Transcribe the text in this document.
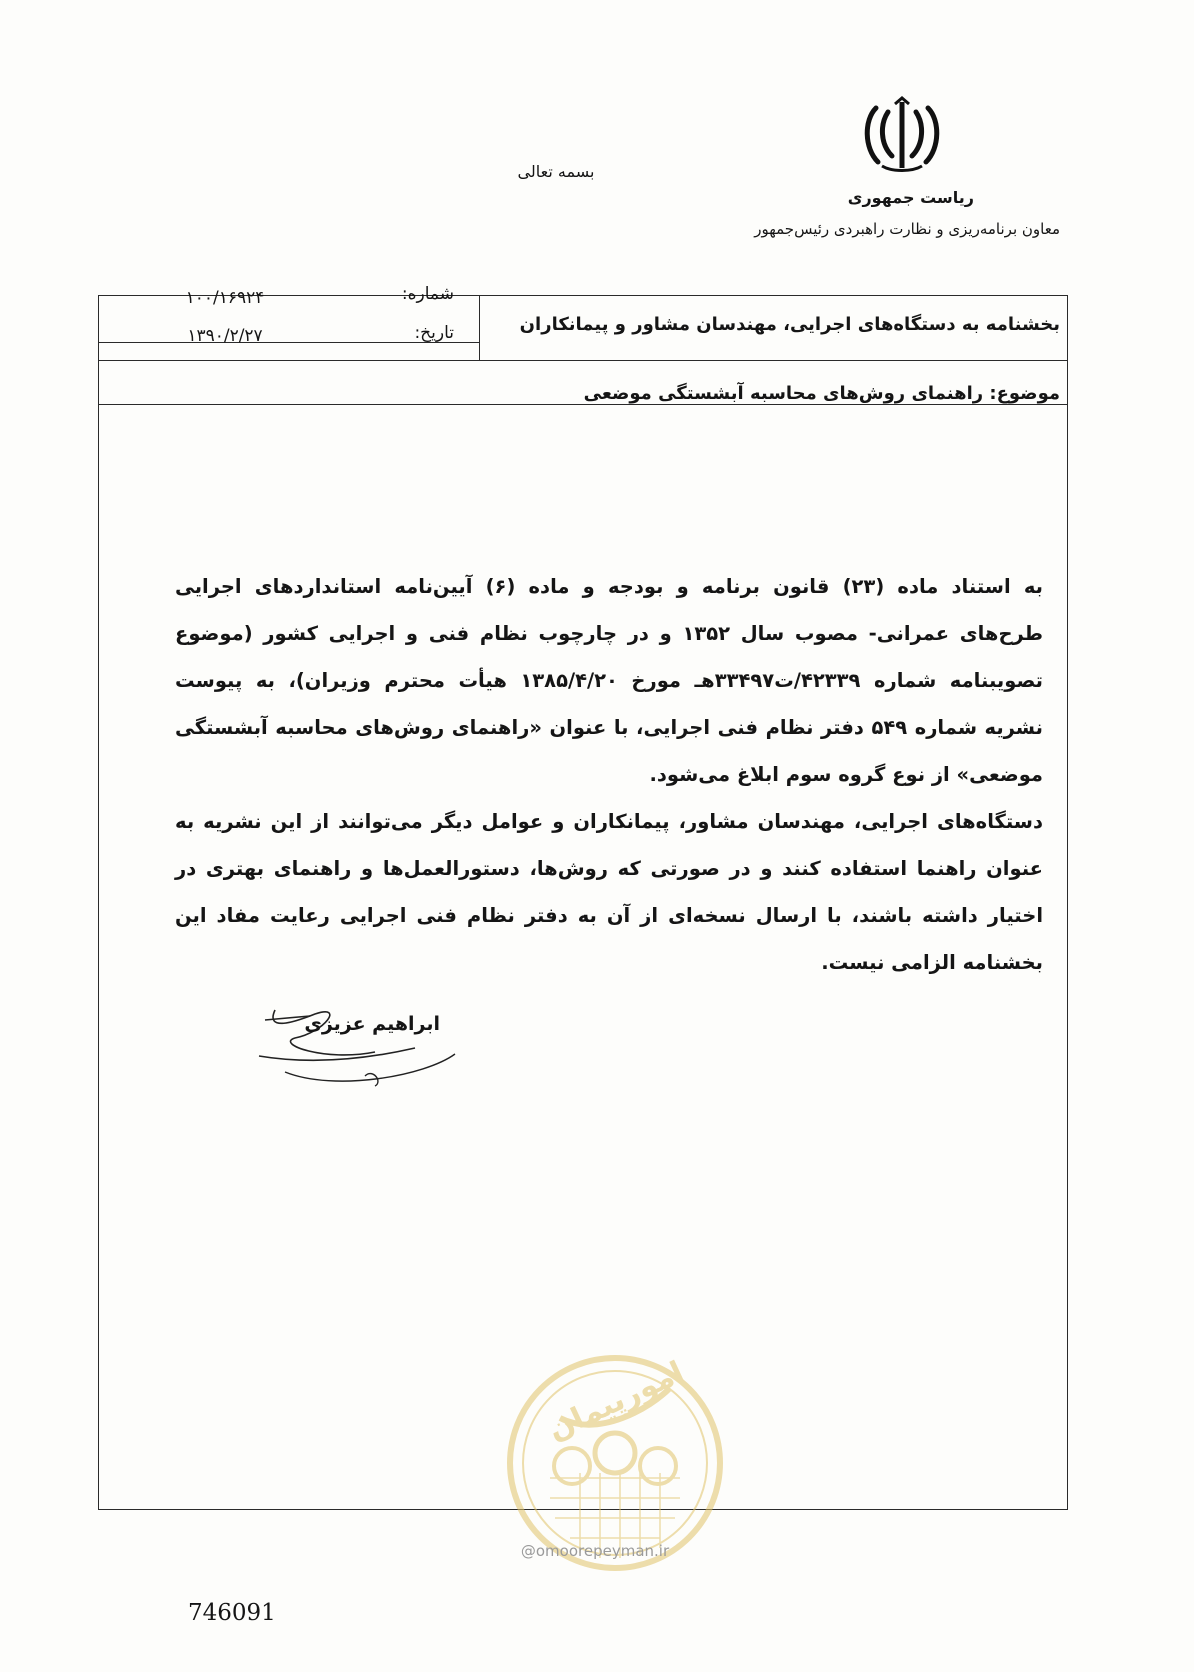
بسمه تعالی
ریاست جمهوری
معاون برنامه‌ریزی و نظارت راهبردی رئیس‌جمهور
شماره:
۱۰۰/۱۶۹۲۴
تاریخ:
۱۳۹۰/۲/۲۷
بخشنامه به دستگاه‌های اجرایی، مهندسان مشاور و پیمانکاران
موضوع: راهنمای روش‌های محاسبه آبشستگی موضعی

به استناد ماده (۲۳) قانون برنامه و بودجه و ماده (۶) آیین‌نامه استانداردهای اجرایی طرح‌های عمرانی- مصوب سال ۱۳۵۲ و در چارچوب نظام فنی و اجرایی کشور (موضوع تصویبنامه شماره ۴۲۳۳۹/ت۳۳۴۹۷هـ مورخ ۱۳۸۵/۴/۲۰ هیأت محترم وزیران)، به پیوست نشریه شماره ۵۴۹ دفتر نظام فنی اجرایی، با عنوان «راهنمای روش‌های محاسبه آبشستگی موضعی» از نوع گروه سوم ابلاغ می‌شود.

دستگاه‌های اجرایی، مهندسان مشاور، پیمانکاران و عوامل دیگر می‌توانند از این نشریه به عنوان راهنما استفاده کنند و در صورتی که روش‌ها، دستورالعمل‌ها و راهنمای بهتری در اختیار داشته باشند، با ارسال نسخه‌ای از آن به دفتر نظام فنی اجرایی رعایت مفاد این بخشنامه الزامی نیست.

ابراهیم عزیزی
امورپیمان
@omoorepeyman.ir
746091
